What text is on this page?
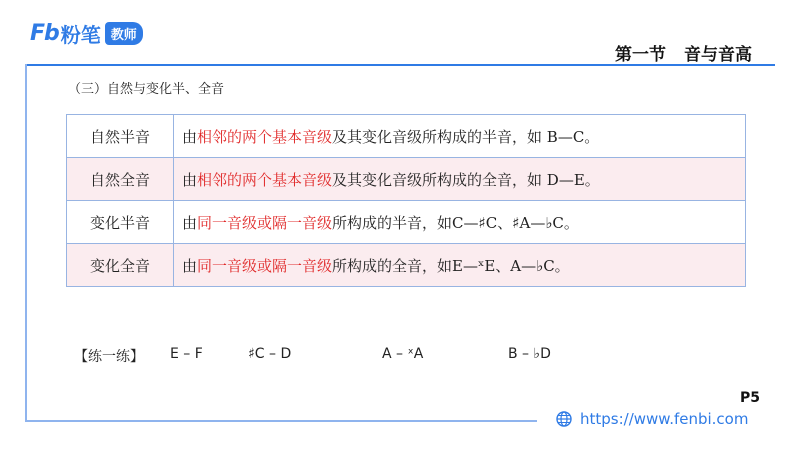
Fb 粉笔 教师
第一节 音与音高
（三）自然与变化半、全音
自然半音	由相邻的两个基本音级及其变化音级所构成的半音，如 B—C。
自然全音	由相邻的两个基本音级及其变化音级所构成的全音，如 D—E。
变化半音	由同一音级或隔一音级所构成的半音，如C—♯C、♯A—♭C。
变化全音	由同一音级或隔一音级所构成的全音，如E—ˣE、A—♭C。
【练一练】 E – F	♯C – D	A – ˣA	B – ♭D
P5
https://www.fenbi.com
